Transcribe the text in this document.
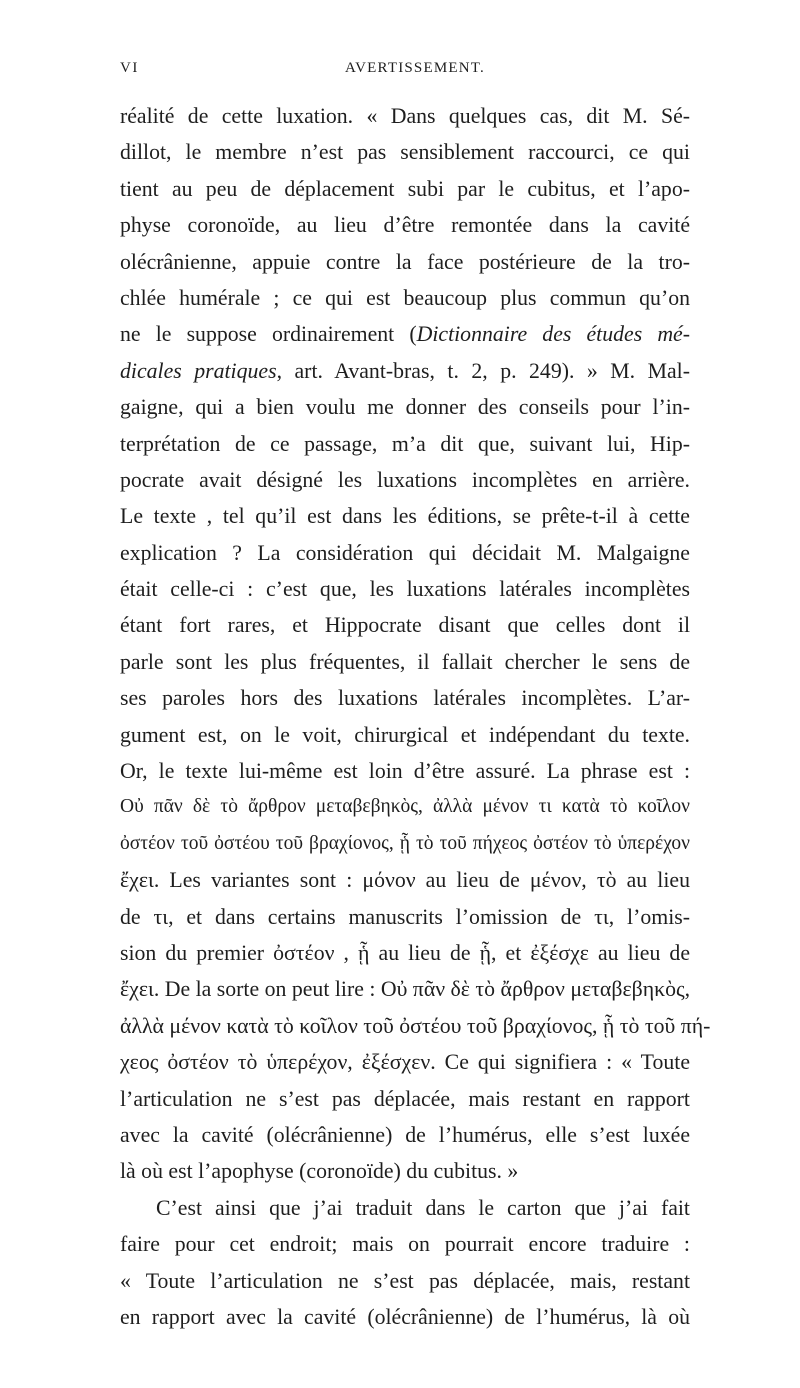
VI	AVERTISSEMENT.
réalité de cette luxation. « Dans quelques cas, dit M. Sé-
dillot, le membre n’est pas sensiblement raccourci, ce qui
tient au peu de déplacement subi par le cubitus, et l’apo-
physe coronoïde, au lieu d’être remontée dans la cavité
olécrânienne, appuie contre la face postérieure de la tro-
chlée humérale ; ce qui est beaucoup plus commun qu’on
ne le suppose ordinairement (Dictionnaire des études mé-
dicales pratiques, art. Avant-bras, t. 2, p. 249). » M. Mal-
gaigne, qui a bien voulu me donner des conseils pour l’in-
terprétation de ce passage, m’a dit que, suivant lui, Hip-
pocrate avait désigné les luxations incomplètes en arrière.
Le texte , tel qu’il est dans les éditions, se prête-t-il à cette
explication ? La considération qui décidait M. Malgaigne
était celle-ci : c’est que, les luxations latérales incomplètes
étant fort rares, et Hippocrate disant que celles dont il
parle sont les plus fréquentes, il fallait chercher le sens de
ses paroles hors des luxations latérales incomplètes. L’ar-
gument est, on le voit, chirurgical et indépendant du texte.
Or, le texte lui-même est loin d’être assuré. La phrase est :
Οὐ πᾶν δὲ τὸ ἄρθρον μεταβεβηκὸς, ἀλλὰ μένον τι κατὰ τὸ κοῖλον
ὀστέον τοῦ ὀστέου τοῦ βραχίονος, ᾗ τὸ τοῦ πήχεος ὀστέον τὸ ὑπερέχον
ἔχει. Les variantes sont : μόνον au lieu de μένον, τὸ au lieu
de τι, et dans certains manuscrits l’omission de τι, l’omis-
sion du premier ὀστέον , ᾗ au lieu de ᾗ, et ἐξέσχε au lieu de
ἔχει. De la sorte on peut lire : Οὐ πᾶν δὲ τὸ ἄρθρον μεταβεβηκὸς,
ἀλλὰ μένον κατὰ τὸ κοῖλον τοῦ ὀστέου τοῦ βραχίονος, ᾗ τὸ τοῦ πή-
χεος ὀστέον τὸ ὑπερέχον, ἐξέσχεν. Ce qui signifiera : « Toute
l’articulation ne s’est pas déplacée, mais restant en rapport
avec la cavité (olécrânienne) de l’humérus, elle s’est luxée
là où est l’apophyse (coronoïde) du cubitus. »
C’est ainsi que j’ai traduit dans le carton que j’ai fait
faire pour cet endroit; mais on pourrait encore traduire :
« Toute l’articulation ne s’est pas déplacée, mais, restant
en rapport avec la cavité (olécrânienne) de l’humérus, là où
